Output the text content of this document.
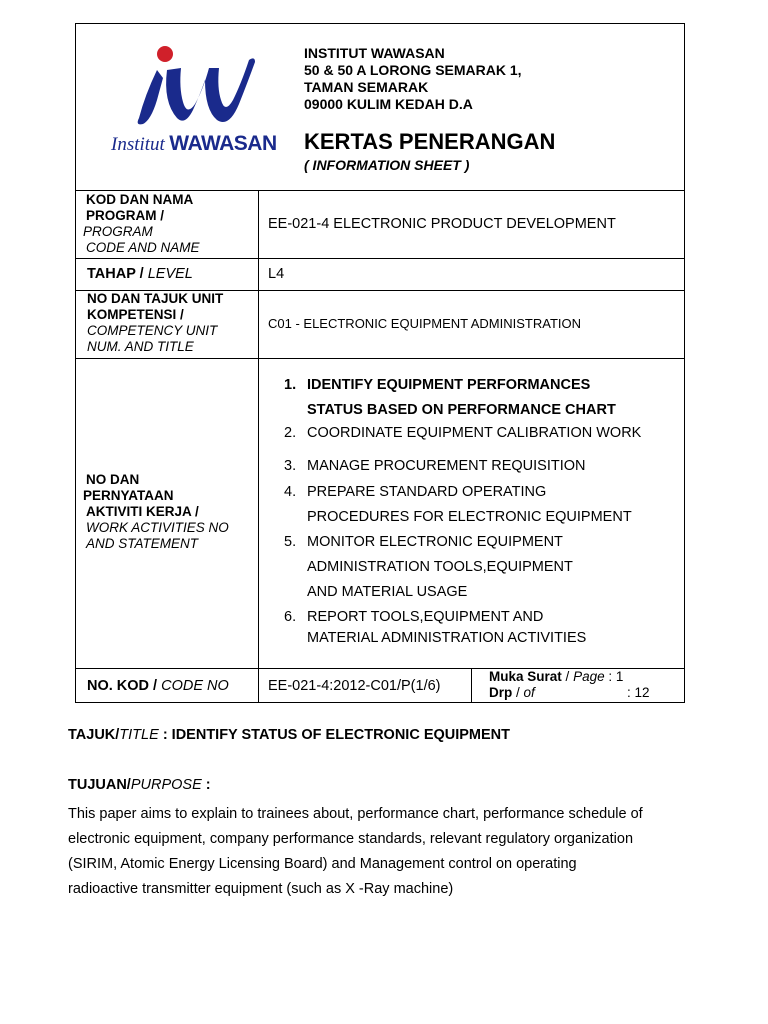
Institut WAWASAN
INSTITUT WAWASAN
50 & 50 A LORONG SEMARAK 1,
TAMAN SEMARAK
09000 KULIM KEDAH D.A
KERTAS PENERANGAN
( INFORMATION SHEET )
KOD DAN NAMA
PROGRAM /
PROGRAM
CODE AND NAME
EE-021-4 ELECTRONIC PRODUCT DEVELOPMENT
TAHAP / LEVEL	L4
NO DAN TAJUK UNIT
KOMPETENSI /
COMPETENCY UNIT
NUM. AND TITLE
C01 - ELECTRONIC EQUIPMENT ADMINISTRATION
NO DAN
PERNYATAAN
AKTIVITI KERJA /
WORK ACTIVITIES NO
AND STATEMENT
1. IDENTIFY EQUIPMENT PERFORMANCES
STATUS BASED ON PERFORMANCE CHART
2. COORDINATE EQUIPMENT CALIBRATION WORK
3. MANAGE PROCUREMENT REQUISITION
4. PREPARE STANDARD OPERATING
PROCEDURES FOR ELECTRONIC EQUIPMENT
5. MONITOR ELECTRONIC EQUIPMENT
ADMINISTRATION TOOLS,EQUIPMENT
AND MATERIAL USAGE
6. REPORT TOOLS,EQUIPMENT AND
MATERIAL ADMINISTRATION ACTIVITIES
NO. KOD / CODE NO	EE-021-4:2012-C01/P(1/6)
Muka Surat / Page : 1
Drp / of	: 12
TAJUK/TITLE : IDENTIFY STATUS OF ELECTRONIC EQUIPMENT
TUJUAN/PURPOSE :
This paper aims to explain to trainees about, performance chart, performance schedule of
electronic equipment, company performance standards, relevant regulatory organization
(SIRIM, Atomic Energy Licensing Board) and Management control on operating
radioactive transmitter equipment (such as X -Ray machine)
